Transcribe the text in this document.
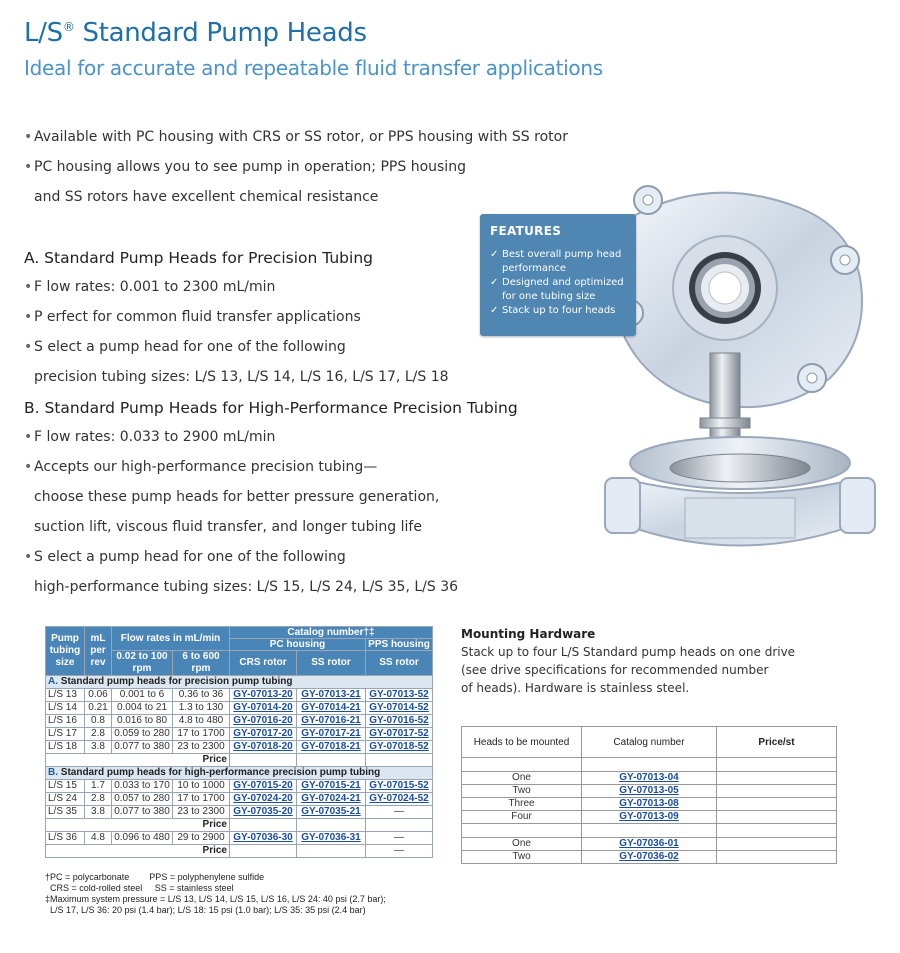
L/S® Standard Pump Heads
Ideal for accurate and repeatable fluid transfer applications
• Available with PC housing with CRS or SS rotor, or PPS housing with SS rotor
• PC housing allows you to see pump in operation; PPS housing
and SS rotors have excellent chemical resistance
A. Standard Pump Heads for Precision Tubing
• F low rates: 0.001 to 2300 mL/min
• P erfect for common fluid transfer applications
• S elect a pump head for one of the following
precision tubing sizes: L/S 13, L/S 14, L/S 16, L/S 17, L/S 18
B. Standard Pump Heads for High-Performance Precision Tubing
• F low rates: 0.033 to 2900 mL/min
• Accepts our high-performance precision tubing—
choose these pump heads for better pressure generation,
suction lift, viscous fluid transfer, and longer tubing life
• S elect a pump head for one of the following
high-performance tubing sizes: L/S 15, L/S 24, L/S 35, L/S 36
FEATURES
✓ Best overall pump head performance
✓ Designed and optimized for one tubing size
✓ Stack up to four heads
Pump tubing size	mL per rev	Flow rates in mL/min		Catalog number†‡		
				PC housing		PPS housing
		0.02 to 100 rpm	6 to 600 rpm	CRS rotor	SS rotor	SS rotor
A. Standard pump heads for precision pump tubing						
L/S 13	0.06	0.001 to 6	0.36 to 36	GY-07013-20	GY-07013-21	GY-07013-52
L/S 14	0.21	0.004 to 21	1.3 to 130	GY-07014-20	GY-07014-21	GY-07014-52
L/S 16	0.8	0.016 to 80	4.8 to 480	GY-07016-20	GY-07016-21	GY-07016-52
L/S 17	2.8	0.059 to 280	17 to 1700	GY-07017-20	GY-07017-21	GY-07017-52
L/S 18	3.8	0.077 to 380	23 to 2300	GY-07018-20	GY-07018-21	GY-07018-52
Price						
B. Standard pump heads for high-performance precision pump tubing						
L/S 15	1.7	0.033 to 170	10 to 1000	GY-07015-20	GY-07015-21	GY-07015-52
L/S 24	2.8	0.057 to 280	17 to 1700	GY-07024-20	GY-07024-21	GY-07024-52
L/S 35	3.8	0.077 to 380	23 to 2300	GY-07035-20	GY-07035-21	—
Price						
L/S 36	4.8	0.096 to 480	29 to 2900	GY-07036-30	GY-07036-31	—
Price						—
†PC = polycarbonate        PPS = polyphenylene sulfide
CRS = cold-rolled steel     SS = stainless steel
‡Maximum system pressure = L/S 13, L/S 14, L/S 15, L/S 16, L/S 24: 40 psi (2.7 bar);
L/S 17, L/S 36: 20 psi (1.4 bar); L/S 18: 15 psi (1.0 bar); L/S 35: 35 psi (2.4 bar)
Mounting Hardware
Stack up to four L/S Standard pump heads on one drive
(see drive specifications for recommended number
of heads). Hardware is stainless steel.
Heads to be mounted	Catalog number	Price/st

One	GY-07013-04	
Two	GY-07013-05	
Three	GY-07013-08	
Four	GY-07013-09	

One	GY-07036-01	
Two	GY-07036-02	
